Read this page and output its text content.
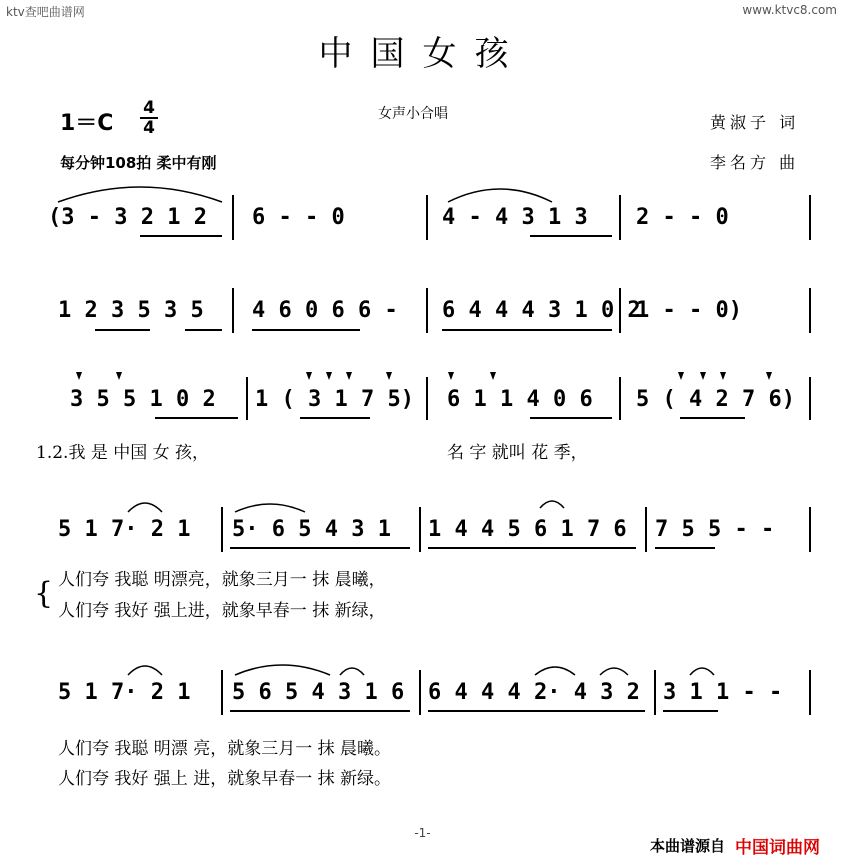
ktv查吧曲谱网	www.ktvc8.com
中国女孩
1＝C
4
4
女声小合唱
每分钟108拍 柔中有刚
黄淑子 词
李名方 曲
(3 - 3 2 1 2 6 - - 0	4 - 4 3 1 3 2 - - 0
1 2 3 5 3 5 4 6 0 6 6 - 6 4 4 4 3 1 0 2
1 - - 0)
3 5 5 1 0 2 1 ( 3 1 7 5) 6 1 1 4 0 6 5 ( 4 2 7 6)
1.2.我 是 中国 女 孩，	名 字 就叫 花 季，
5 1 7· 2 1 5· 6 5 4 3 1 1 4 4 5 6 1 7 6 7 5 5 - -
人们夸 我聪 明漂亮，就象三月一 抹 晨曦，
{ 人们夸 我好 强上进，就象早春一 抹 新绿，
5 1 7· 2 1 5 6 5 4 3 1 6 6 4 4 4 2· 4 3 2 3 1 1 - -
人们夸 我聪 明漂 亮，就象三月一 抹 晨曦。
人们夸 我好 强上 进，就象早春一 抹 新绿。
-1-
本曲谱源自 中国词曲网
